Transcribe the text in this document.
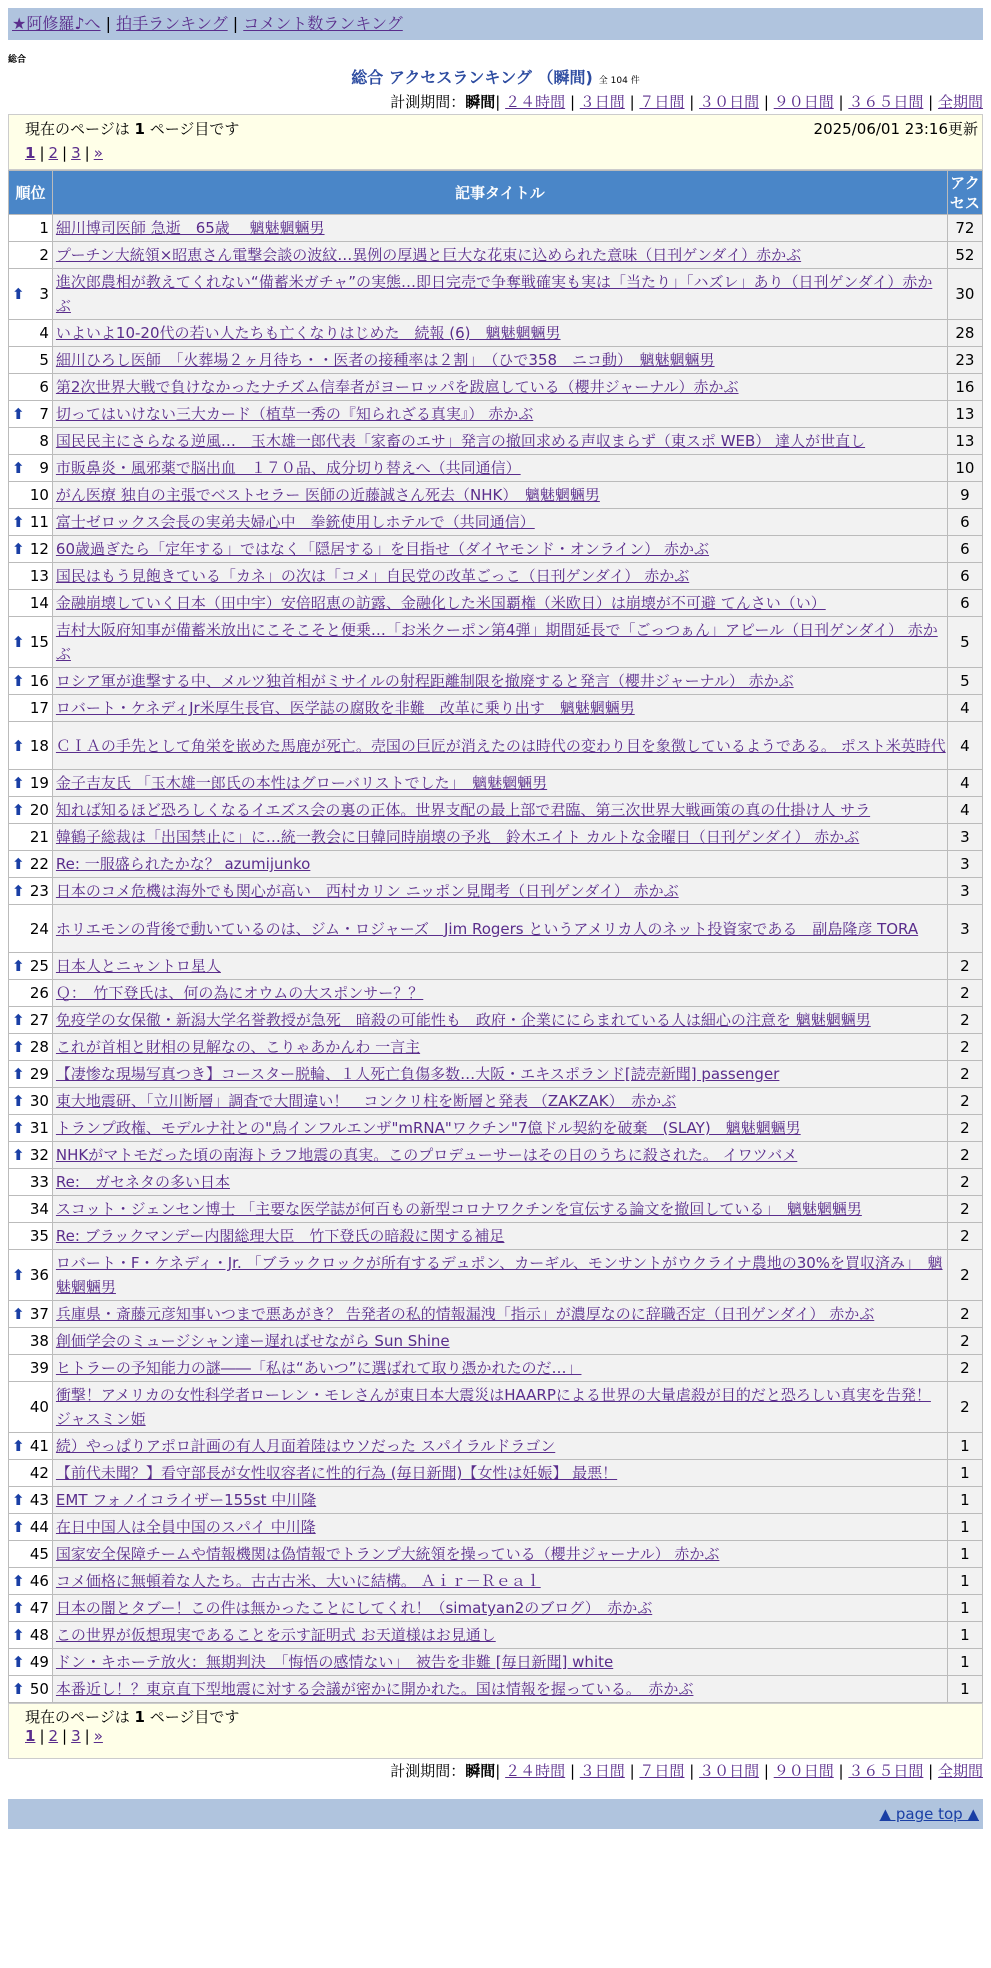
★阿修羅♪へ | 拍手ランキング | コメント数ランキング
総合
総合 アクセスランキング （瞬間) 全 104 件
計測期間：瞬間| ２４時間 | ３日間 | ７日間 | ３０日間 | ９０日間 | ３６５日間 | 全期間
現在のページは 1 ページ目です	2025/06/01 23:16更新
1 | 2 | 3 | »
順位	記事タイトル	アクセス
1	細川博司医師 急逝　65歳　 魑魅魍魎男	72
2	プーチン大統領×昭恵さん電撃会談の波紋…異例の厚遇と巨大な花束に込められた意味（日刊ゲンダイ）赤かぶ	52

⬆ 3	進次郎農相が教えてくれない“備蓄米ガチャ”の実態…即日完売で争奪戦確実も実は「当たり」「ハズレ」あり（日刊ゲンダイ）赤かぶ	30
4	いよいよ10-20代の若い人たちも亡くなりはじめた　続報 (6)　魑魅魍魎男	28
5	細川ひろし医師　「火葬場２ヶ月待ち・・医者の接種率は２割」　（ひで358　ニコ動）　魑魅魍魎男	23
6	第2次世界大戦で負けなかったナチズム信奉者がヨーロッパを跋扈している（櫻井ジャーナル）赤かぶ	16

⬆ 7	切ってはいけない三大カード（植草一秀の『知られざる真実』） 赤かぶ	13
8	国民民主にさらなる逆風…　玉木雄一郎代表「家畜のエサ」発言の撤回求める声収まらず（東スポ WEB） 達人が世直し	13

⬆ 9	市販鼻炎・風邪薬で脳出血　１７０品、成分切り替えへ（共同通信）	10
10	がん医療 独自の主張でベストセラー 医師の近藤誠さん死去（NHK）　魑魅魍魎男	9

⬆ 11	富士ゼロックス会長の実弟夫婦心中　拳銃使用しホテルで（共同通信）	6

⬆ 12	60歳過ぎたら「定年する」ではなく「隠居する」を目指せ（ダイヤモンド・オンライン） 赤かぶ	6
13	国民はもう見飽きている「カネ」の次は「コメ」自民党の改革ごっこ（日刊ゲンダイ） 赤かぶ	6
14	金融崩壊していく日本（田中宇）安倍昭恵の訪露、金融化した米国覇権（米欧日）は崩壊が不可避 てんさい（い）	6

⬆ 15	吉村大阪府知事が備蓄米放出にこそこそと便乗…「お米クーポン第4弾」期間延長で「ごっつぁん」アピール（日刊ゲンダイ） 赤かぶ	5

⬆ 16	ロシア軍が進撃する中、メルツ独首相がミサイルの射程距離制限を撤廃すると発言（櫻井ジャーナル） 赤かぶ	5
17	ロバート・ケネディJr米厚生長官、医学誌の腐敗を非難　改革に乗り出す　魑魅魍魎男	4

⬆ 18	ＣＩＡの手先として角栄を嵌めた馬鹿が死亡。売国の巨匠が消えたのは時代の変わり目を象徴しているようである。 ポスト米英時代	4

⬆ 19	金子吉友氏 「玉木雄一郎氏の本性はグローバリストでした」　魑魅魍魎男	4

⬆ 20	知れば知るほど恐ろしくなるイエズス会の裏の正体。世界支配の最上部で君臨、第三次世界大戦画策の真の仕掛け人 サラ	4
21	韓鶴子総裁は「出国禁止に」に…統一教会に日韓同時崩壊の予兆　鈴木エイト カルトな金曜日（日刊ゲンダイ） 赤かぶ	3

⬆ 22	Re: 一服盛られたかな？ azumijunko	3

⬆ 23	日本のコメ危機は海外でも関心が高い　西村カリン ニッポン見聞考（日刊ゲンダイ） 赤かぶ	3
24	ホリエモンの背後で動いているのは、ジム・ロジャーズ　Jim Rogers というアメリカ人のネット投資家である　副島隆彦 TORA	3

⬆ 25	日本人とニャントロ星人	2
26	Ｑ：　竹下登氏は、何の為にオウムの大スポンサー？？	2

⬆ 27	免疫学の女保徹・新潟大学名誉教授が急死　暗殺の可能性も　政府・企業ににらまれている人は細心の注意を 魑魅魍魎男	2

⬆ 28	これが首相と財相の見解なの、こりゃあかんわ 一言主	2

⬆ 29	【凄惨な現場写真つき】コースター脱輪、１人死亡負傷多数…大阪・エキスポランド[読売新聞] passenger	2

⬆ 30	東大地震研、「立川断層」調査で大間違い！　コンクリ柱を断層と発表 （ZAKZAK）　赤かぶ	2

⬆ 31	トランプ政権、モデルナ社との"鳥インフルエンザ"mRNA"ワクチン"7億ドル契約を破棄　(SLAY)　魑魅魍魎男	2

⬆ 32	NHKがマトモだった頃の南海トラフ地震の真実。このプロデューサーはその日のうちに殺された。 イワツバメ	2
33	Re:　ガセネタの多い日本	2
34	スコット・ジェンセン博士 「主要な医学誌が何百もの新型コロナワクチンを宣伝する論文を撤回している」　魑魅魍魎男	2
35	Re: ブラックマンデー内閣総理大臣　竹下登氏の暗殺に関する補足	2

⬆ 36	ロバート・F・ケネディ・Jr. 「ブラックロックが所有するデュポン、カーギル、モンサントがウクライナ農地の30%を買収済み」　魑魅魍魎男	2

⬆ 37	兵庫県・斎藤元彦知事いつまで悪あがき？ 告発者の私的情報漏洩「指示」が濃厚なのに辞職否定（日刊ゲンダイ） 赤かぶ	2
38	創価学会のミュージシャン達ー遅ればせながら Sun Shine	2
39	ヒトラーの予知能力の謎――「私は“あいつ”に選ばれて取り憑かれたのだ…」	2
40	衝撃！アメリカの女性科学者ローレン・モレさんが東日本大震災はHAARPによる世界の大量虐殺が目的だと恐ろしい真実を告発！ ジャスミン姫	2

⬆ 41	続）やっぱりアポロ計画の有人月面着陸はウソだった スパイラルドラゴン	1
42	【前代未聞？】看守部長が女性収容者に性的行為 (毎日新聞)【女性は妊娠】 最悪！	1

⬆ 43	EMT フォノイコライザー155st 中川隆	1

⬆ 44	在日中国人は全員中国のスパイ 中川隆	1
45	国家安全保障チームや情報機関は偽情報でトランプ大統領を操っている（櫻井ジャーナル） 赤かぶ	1

⬆ 46	コメ価格に無頓着な人たち。古古古米、大いに結構。 Ａｉｒ－Ｒｅａｌ	1

⬆ 47	日本の闇とタブー！この件は無かったことにしてくれ！（simatyan2のブログ）　赤かぶ	1

⬆ 48	この世界が仮想現実であることを示す証明式 お天道様はお見通し	1

⬆ 49	ドン・キホーテ放火：無期判決　「悔悟の感情ない」　被告を非難 [毎日新聞] white	1

⬆ 50	本番近し！？東京直下型地震に対する会議が密かに開かれた。国は情報を握っている。　赤かぶ	1
現在のページは 1 ページ目です
1 | 2 | 3 | »
計測期間：瞬間| ２４時間 | ３日間 | ７日間 | ３０日間 | ９０日間 | ３６５日間 | 全期間
▲ page top ▲
